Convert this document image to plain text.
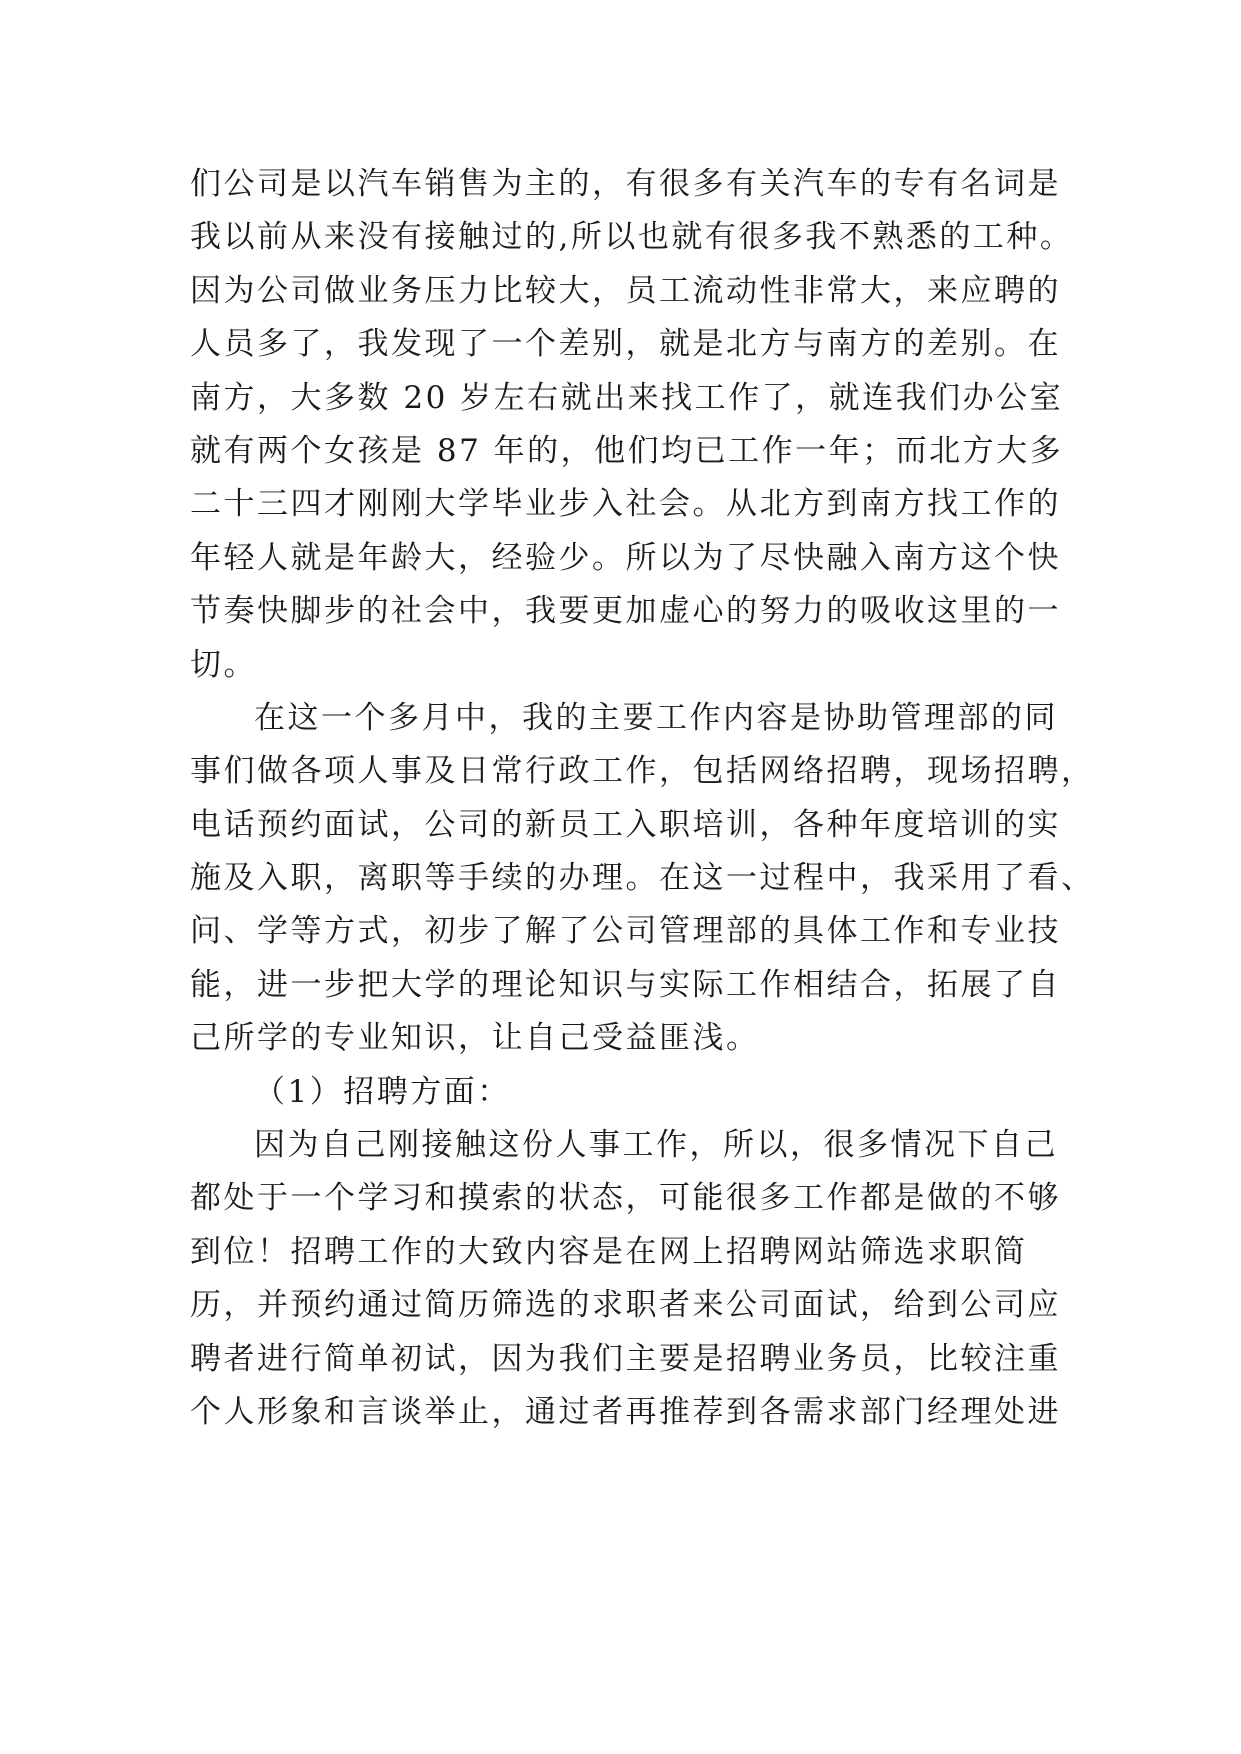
们公司是以汽车销售为主的，有很多有关汽车的专有名词是
我以前从来没有接触过的,所以也就有很多我不熟悉的工种。
因为公司做业务压力比较大，员工流动性非常大，来应聘的
人员多了，我发现了一个差别，就是北方与南方的差别。在
南方，大多数 20 岁左右就出来找工作了，就连我们办公室
就有两个女孩是 87 年的，他们均已工作一年；而北方大多
二十三四才刚刚大学毕业步入社会。从北方到南方找工作的
年轻人就是年龄大，经验少。所以为了尽快融入南方这个快
节奏快脚步的社会中，我要更加虚心的努力的吸收这里的一
切。
在这一个多月中，我的主要工作内容是协助管理部的同
事们做各项人事及日常行政工作，包括网络招聘，现场招聘，
电话预约面试，公司的新员工入职培训，各种年度培训的实
施及入职，离职等手续的办理。在这一过程中，我采用了看、
问、学等方式，初步了解了公司管理部的具体工作和专业技
能，进一步把大学的理论知识与实际工作相结合，拓展了自
己所学的专业知识，让自己受益匪浅。
（1）招聘方面：
因为自己刚接触这份人事工作，所以，很多情况下自己
都处于一个学习和摸索的状态，可能很多工作都是做的不够
到位！招聘工作的大致内容是在网上招聘网站筛选求职简
历，并预约通过简历筛选的求职者来公司面试，给到公司应
聘者进行简单初试，因为我们主要是招聘业务员，比较注重
个人形象和言谈举止，通过者再推荐到各需求部门经理处进
